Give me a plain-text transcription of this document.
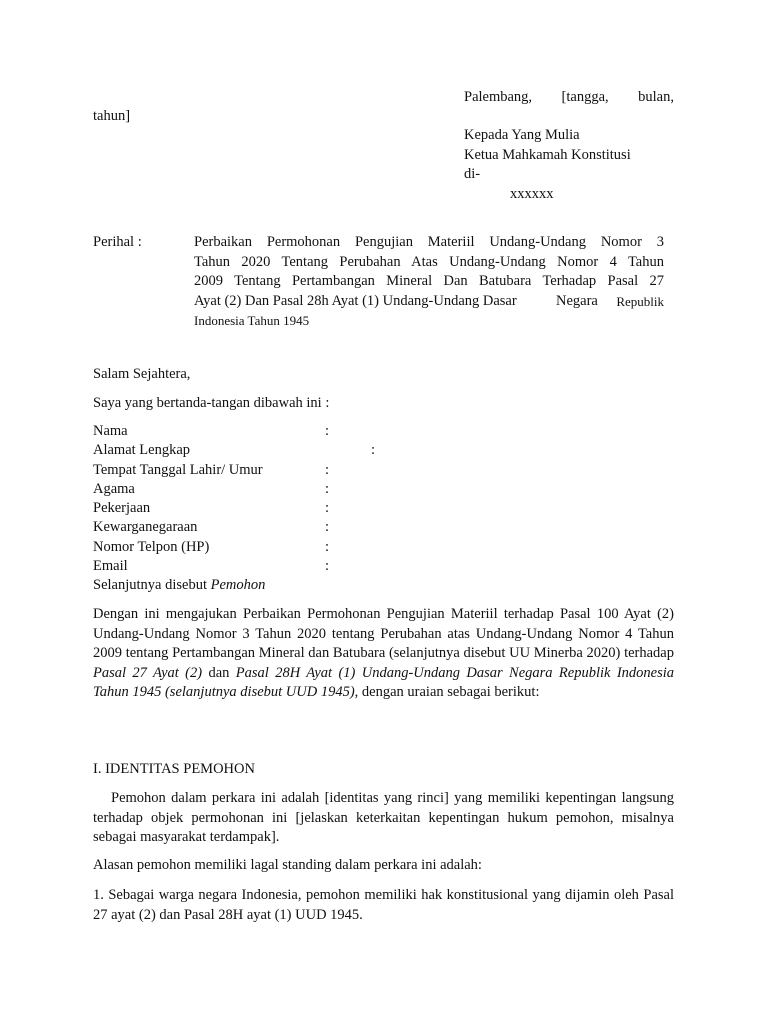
Palembang, [tangga, bulan,
tahun]
Kepada Yang Mulia
Ketua Mahkamah Konstitusi
di-
xxxxxx
Perihal :	Perbaikan Permohonan Pengujian Materiil Undang-Undang Nomor 3
Tahun 2020 Tentang Perubahan Atas Undang-Undang Nomor 4 Tahun
2009 Tentang Pertambangan Mineral Dan Batubara Terhadap Pasal 27
Ayat (2) Dan Pasal 28h Ayat (1) Undang-Undang Dasar	Negara Republik
Indonesia Tahun 1945
Salam Sejahtera,
Saya yang bertanda-tangan dibawah ini :
Nama	:
Alamat Lengkap	:
Tempat Tanggal Lahir/ Umur	:
Agama	:
Pekerjaan	:
Kewarganegaraan	:
Nomor Telpon (HP)	:
Email	:
Selanjutnya disebut Pemohon
Dengan ini mengajukan Perbaikan Permohonan Pengujian Materiil terhadap Pasal 100 Ayat (2) Undang-Undang Nomor 3 Tahun 2020 tentang Perubahan atas Undang-Undang Nomor 4 Tahun 2009 tentang Pertambangan Mineral dan Batubara (selanjutnya disebut UU Minerba 2020) terhadap Pasal 27 Ayat (2) dan Pasal 28H Ayat (1) Undang-Undang Dasar Negara Republik Indonesia Tahun 1945 (selanjutnya disebut UUD 1945), dengan uraian sebagai berikut:
I. IDENTITAS PEMOHON
Pemohon dalam perkara ini adalah [identitas yang rinci] yang memiliki kepentingan langsung terhadap objek permohonan ini [jelaskan keterkaitan kepentingan hukum pemohon, misalnya sebagai masyarakat terdampak].
Alasan pemohon memiliki lagal standing dalam perkara ini adalah:
1. Sebagai warga negara Indonesia, pemohon memiliki hak konstitusional yang dijamin oleh Pasal 27 ayat (2) dan Pasal 28H ayat (1) UUD 1945.
